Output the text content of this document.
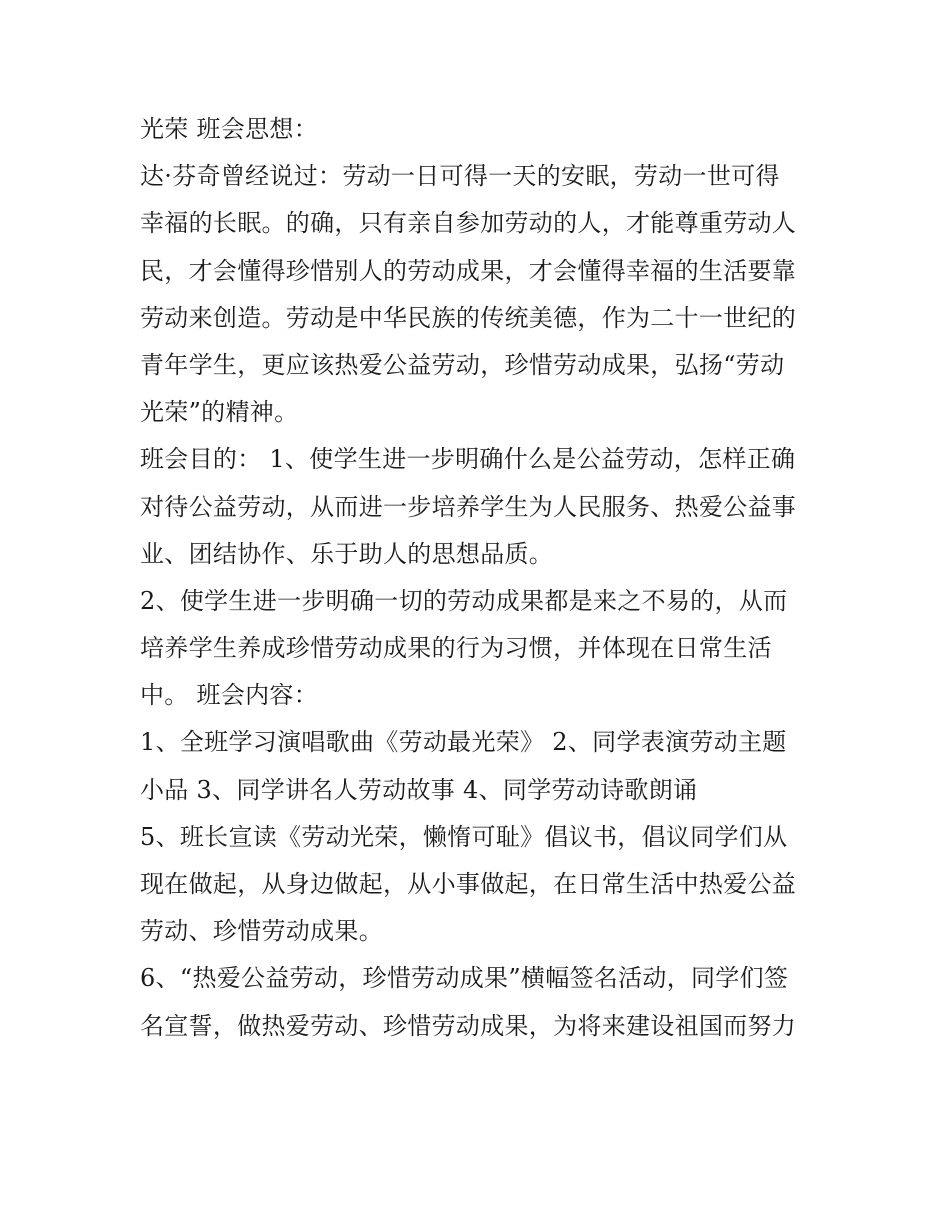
光荣 班会思想：
达·芬奇曾经说过：劳动一日可得一天的安眠，劳动一世可得
幸福的长眠。的确，只有亲自参加劳动的人，才能尊重劳动人
民，才会懂得珍惜别人的劳动成果，才会懂得幸福的生活要靠
劳动来创造。劳动是中华民族的传统美德，作为二十一世纪的
青年学生，更应该热爱公益劳动，珍惜劳动成果，弘扬“劳动
光荣”的精神。
班会目的： 1、使学生进一步明确什么是公益劳动，怎样正确
对待公益劳动，从而进一步培养学生为人民服务、热爱公益事
业、团结协作、乐于助人的思想品质。
2、使学生进一步明确一切的劳动成果都是来之不易的，从而
培养学生养成珍惜劳动成果的行为习惯，并体现在日常生活
中。 班会内容：
1、全班学习演唱歌曲《劳动最光荣》 2、同学表演劳动主题
小品 3、同学讲名人劳动故事 4、同学劳动诗歌朗诵
5、班长宣读《劳动光荣，懒惰可耻》倡议书，倡议同学们从
现在做起，从身边做起，从小事做起，在日常生活中热爱公益
劳动、珍惜劳动成果。
6、“热爱公益劳动，珍惜劳动成果”横幅签名活动，同学们签
名宣誓，做热爱劳动、珍惜劳动成果，为将来建设祖国而努力
